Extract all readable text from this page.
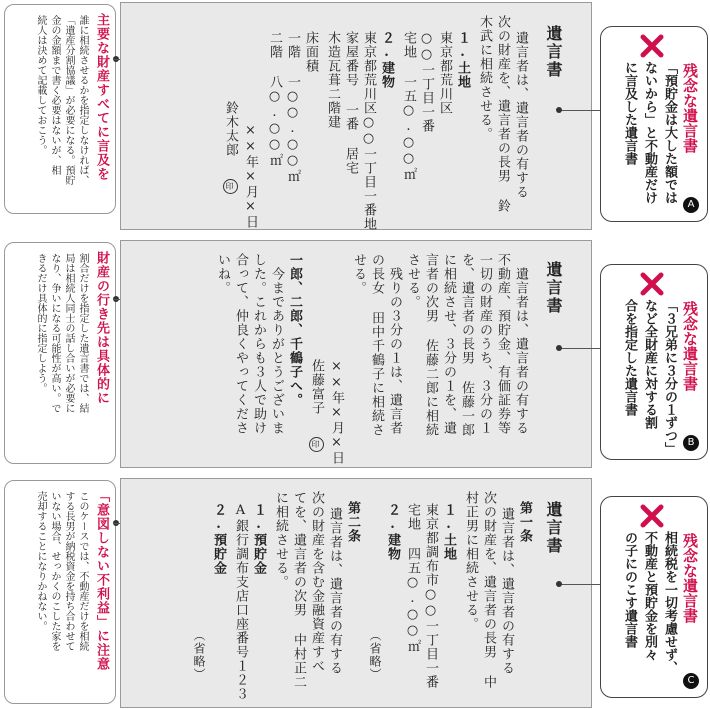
主要な財産すべてに言及を
誰に相続させるかを指定しなければ、
「遺産分割協議」が必要になる。預貯
金の金額まで書く必要はないが、相
続人は決めて記載しておこう。	遺言書
遺言者は、遺言者の有する
次の財産を、遺言者の長男 鈴
木武に相続させる。
１.土地
東京都荒川区
○○一丁目一番
宅地 一五○.○○㎡
２.建物
東京都荒川区○○一丁目一番地
家屋番号 一番 居宅
木造瓦葺二階建
床面積
一階 一○○.○○㎡
二階 八○.○○㎡
××年×月×日
鈴木太郎 印
残念な遺言書
「預貯金は大した額では
ないから」と不動産だけ
に言及した遺言書
A
財産の行き先は具体的に
割合だけを指定した遺言書では、結
局は相続人同士の話し合いが必要に
なり、争いになる可能性が高い。で
きるだけ具体的に指定しよう。	遺言書
遺言者は、遺言者の有する
不動産、預貯金、有価証券等
一切の財産のうち、３分の１
を、遺言者の長男 佐藤一郎
に相続させ、３分の１を、遺
言者の次男 佐藤二郎に相続
させる。
残りの３分の１は、遺言者
の長女 田中千鶴子に相続さ
せる。
××年×月×日
佐藤富子 印
一郎、二郎、千鶴子へ。
今までありがとうございま
した。これからも３人で助け
合って、仲良くやってくださ
いね。
残念な遺言書
「３兄弟に３分の１ずつ」
など全財産に対する割
合を指定した遺言書
B
「意図しない不利益」に注意
このケースでは、不動産だけを相続
する長男が納税資金を持ち合わせて
いない場合、せっかくのこした家を
売却することになりかねない。	遺言書
第一条
遺言者は、遺言者の有する
次の財産を、遺言者の長男 中
村正男に相続させる。
１.土地
東京都調布市○○一丁目一番
宅地 四五○.○○㎡
２.建物
（省略）
第二条
遺言者は、遺言者の有する
次の財産を含む金融資産すべ
てを、遺言者の次男 中村正二
に相続させる。
１.預貯金
A銀行調布支店口座番号１２３
２.預貯金
（省略）
残念な遺言書
相続税を一切考慮せず、
不動産と預貯金を別々
の子にのこす遺言書
C
